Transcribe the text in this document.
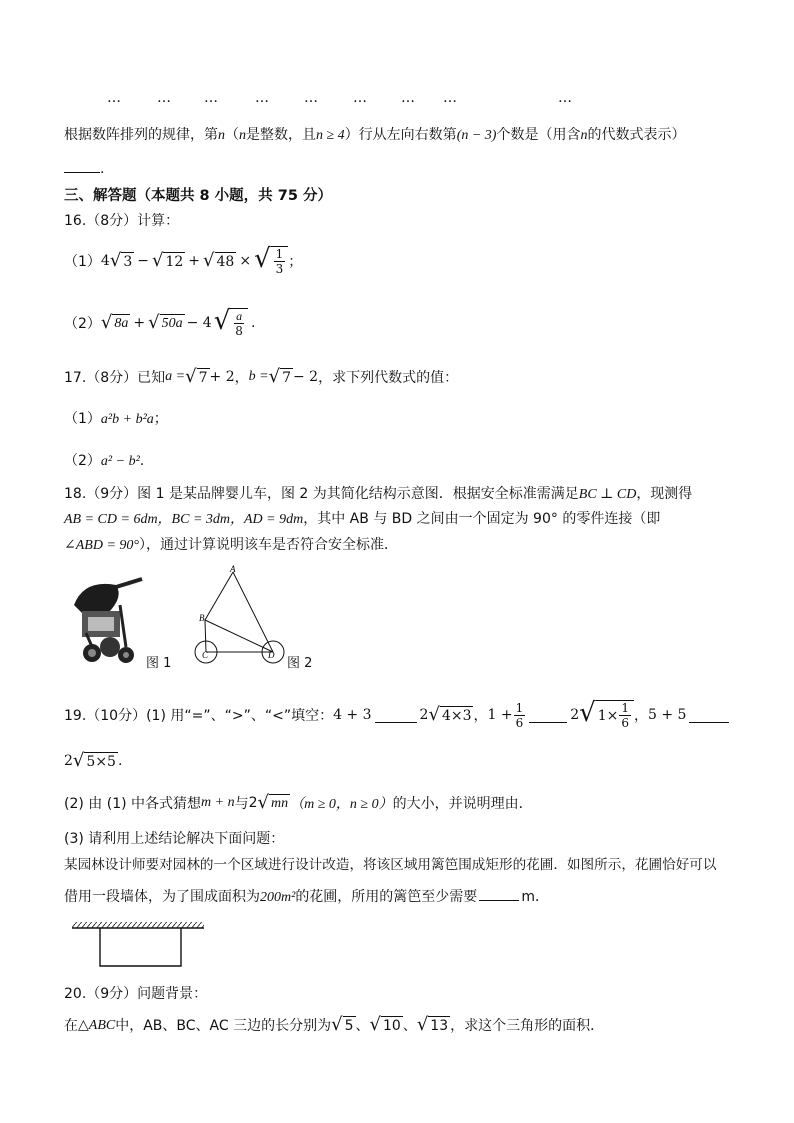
…	… …	…	…	… … …	…
根据数阵排列的规律，第n（n是整数，且n ≥ 4）行从左向右数第(n − 3)个数是（用含n的代数式表示）
.
三、解答题（本题共 8 小题，共 75 分）
16.（8分）计算：
（1） 4 √ 3 − √ 12 + √ 48 × √ $\frac{1}{3}$ ；
（2） √ 8a + √ 50a − 4 √ $\frac{a}{8}$ .
17.（8分）已知 a = √ 7 + 2 ， b = √ 7 − 2 ，求下列代数式的值：
（1）a²b + b²a；
（2）a² − b².
18.（9分）图 1 是某品牌婴儿车，图 2 为其简化结构示意图．根据安全标准需满足BC ⊥ CD，现测得
AB = CD = 6dm，BC = 3dm，AD = 9dm，其中 AB 与 BD 之间由一个固定为 90° 的零件连接（即
∠ABD = 90°），通过计算说明该车是否符合安全标准．
图 1
A
B
C	D
图 2
19.（10分）(1) 用“=”、“>”、“<”填空： 4 + 3	2 √ 4×3 ， $1 + \frac{1}{6}$	2 √ $1\times \frac{1}{6}$ ， 5 + 5
2 √ 5×5 .
(2) 由 (1) 中各式猜想 m + n 与 2 √ mn （m ≥ 0，n ≥ 0） 的大小，并说明理由．
(3) 请利用上述结论解决下面问题：
某园林设计师要对园林的一个区域进行设计改造，将该区域用篱笆围成矩形的花圃．如图所示，花圃恰好可以
借用一段墙体，为了围成面积为200m²的花圃，所用的篱笆至少需要	m．
20.（9分）问题背景：
在 △ABC 中，AB、BC、AC 三边的长分别为 √ 5 、 √ 10 、 √ 13 ，求这个三角形的面积．
